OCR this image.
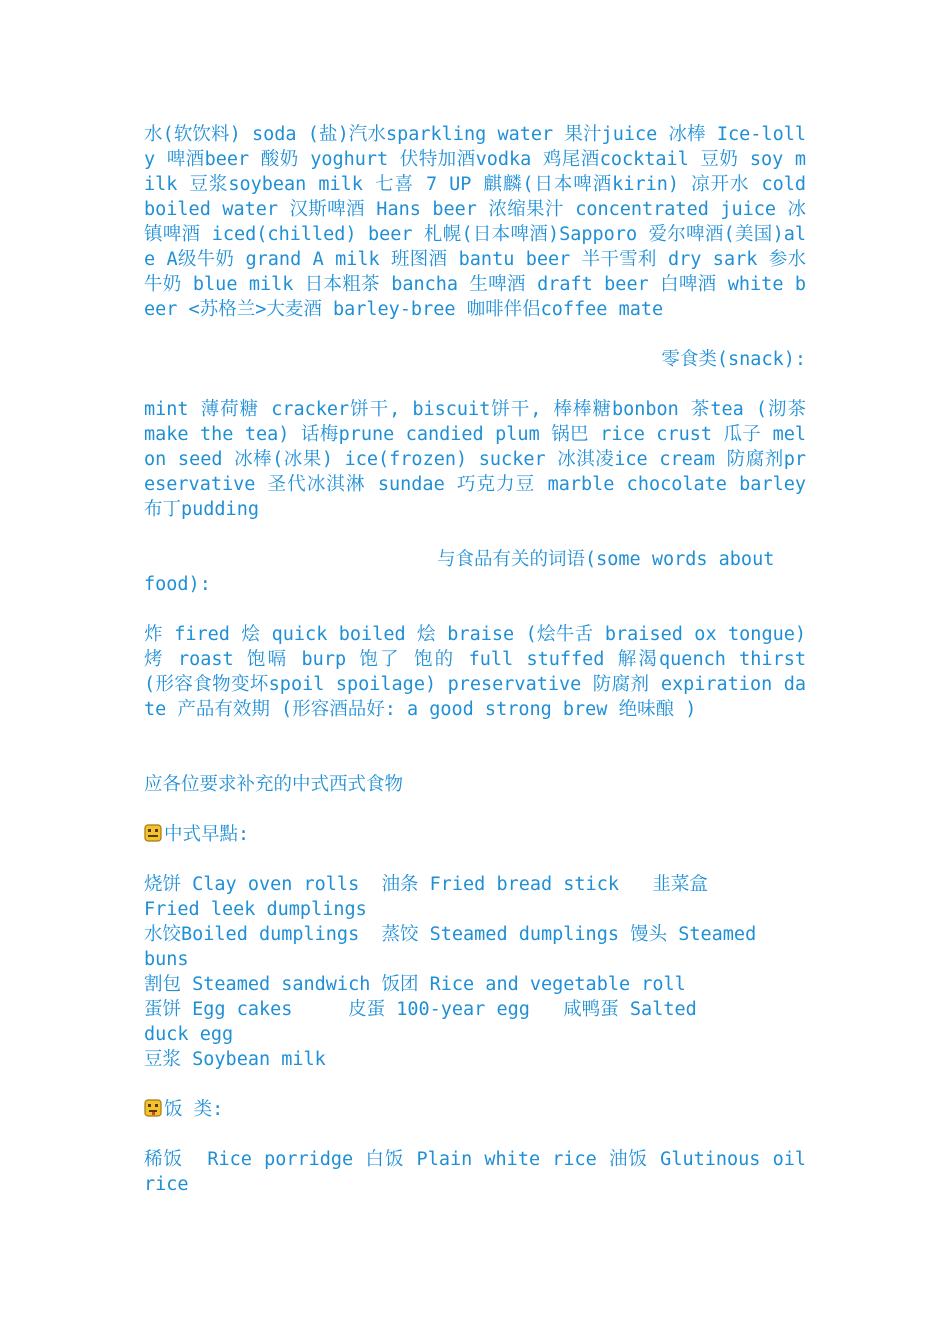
水(软饮料) soda (盐)汽水sparkling water 果汁juice 冰棒 Ice-lolly 啤酒beer 酸奶 yoghurt 伏特加酒vodka 鸡尾酒cocktail 豆奶 soy milk 豆浆soybean milk 七喜 7 UP 麒麟(日本啤酒kirin) 凉开水 cold boiled water 汉斯啤酒 Hans beer 浓缩果汁 concentrated juice 冰镇啤酒 iced(chilled) beer 札幌(日本啤酒)Sapporo 爱尔啤酒(美国)ale A级牛奶 grand A milk 班图酒 bantu beer 半干雪利 dry sark 参水牛奶 blue milk 日本粗茶 bancha 生啤酒 draft beer 白啤酒 white beer <苏格兰>大麦酒 barley-bree 咖啡伴侣coffee mate

零食类(snack):

mint 薄荷糖 cracker饼干, biscuit饼干, 棒棒糖bonbon 茶tea (沏茶 make the tea) 话梅prune candied plum 锅巴 rice crust 瓜子 melon seed 冰棒(冰果) ice(frozen) sucker 冰淇凌ice cream 防腐剂preservative 圣代冰淇淋 sundae 巧克力豆 marble chocolate barley 布丁pudding

与食品有关的词语(some words about

food):

炸 fired 烩 quick boiled 烩 braise (烩牛舌 braised ox tongue) 烤 roast 饱嗝 burp 饱了 饱的 full stuffed 解渴quench thirst (形容食物变坏spoil spoilage) preservative 防腐剂 expiration date 产品有效期 (形容酒品好: a good strong brew 绝味酿 )

应各位要求补充的中式西式食物

中式早點:

烧饼 Clay oven rolls  油条 Fried bread stick   韭菜盒

Fried leek dumplings

水饺Boiled dumplings  蒸饺 Steamed dumplings 馒头 Steamed

buns

割包 Steamed sandwich 饭团 Rice and vegetable roll

蛋饼 Egg cakes     皮蛋 100-year egg   咸鸭蛋 Salted

duck egg

豆浆 Soybean milk

饭 类:

稀饭  Rice porridge 白饭 Plain white rice 油饭 Glutinous oil rice
